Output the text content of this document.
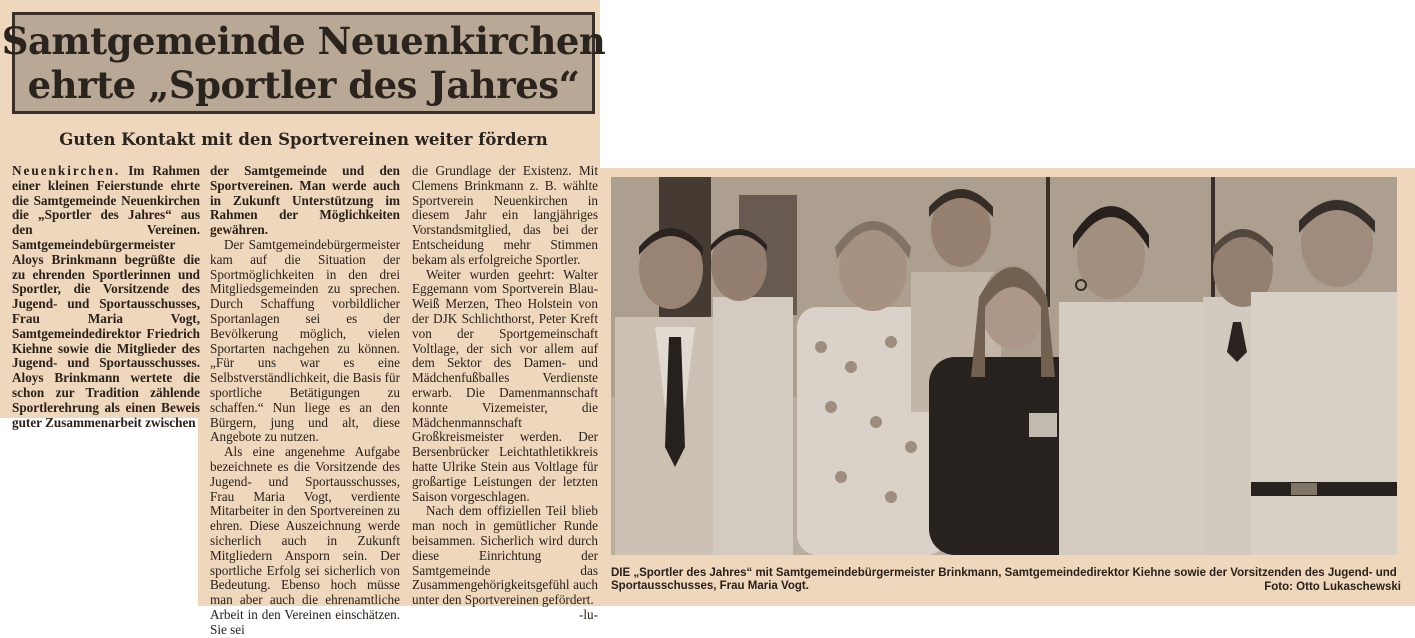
Samtgemeinde Neuenkirchen
ehrte „Sportler des Jahres“
Guten Kontakt mit den Sportvereinen weiter fördern

Neuenkirchen. Im Rahmen einer kleinen Feierstunde ehrte die Samtgemeinde Neuenkirchen die „Sportler des Jahres“ aus den Vereinen. Samtgemeindebürgermeister Aloys Brinkmann begrüßte die zu ehrenden Sportlerinnen und Sportler, die Vorsitzende des Jugend- und Sportausschusses, Frau Maria Vogt, Samtgemeindedirektor Friedrich Kiehne sowie die Mitglieder des Jugend- und Sportausschusses. Aloys Brinkmann wertete die schon zur Tradition zählende Sportlerehrung als einen Beweis guter Zusammenarbeit zwischen

der Samtgemeinde und den Sportvereinen. Man werde auch in Zukunft Unterstützung im Rahmen der Möglichkeiten gewähren.

Der Samtgemeindebürgermeister kam auf die Situation der Sportmöglichkeiten in den drei Mitgliedsgemeinden zu sprechen. Durch Schaffung vorbildlicher Sportanlagen sei es der Bevölkerung möglich, vielen Sportarten nachgehen zu können. „Für uns war es eine Selbstverständlichkeit, die Basis für sportliche Betätigungen zu schaffen.“ Nun liege es an den Bürgern, jung und alt, diese Angebote zu nutzen.

Als eine angenehme Aufgabe bezeichnete es die Vorsitzende des Jugend- und Sportausschusses, Frau Maria Vogt, verdiente Mitarbeiter in den Sportvereinen zu ehren. Diese Auszeichnung werde sicherlich auch in Zukunft Mitgliedern Ansporn sein. Der sportliche Erfolg sei sicherlich von Bedeutung. Ebenso hoch müsse man aber auch die ehrenamtliche Arbeit in den Vereinen einschätzen. Sie sei

die Grundlage der Existenz. Mit Clemens Brinkmann z. B. wählte Sportverein Neuenkirchen in diesem Jahr ein langjähriges Vorstandsmitglied, das bei der Entscheidung mehr Stimmen bekam als erfolgreiche Sportler.

Weiter wurden geehrt: Walter Eggemann vom Sportverein Blau-Weiß Merzen, Theo Holstein von der DJK Schlichthorst, Peter Kreft von der Sportgemeinschaft Voltlage, der sich vor allem auf dem Sektor des Damen- und Mädchenfußballes Verdienste erwarb. Die Damenmannschaft konnte Vizemeister, die Mädchenmannschaft Großkreismeister werden. Der Bersenbrücker Leichtathletikkreis hatte Ulrike Stein aus Voltlage für großartige Leistungen der letzten Saison vorgeschlagen.

Nach dem offiziellen Teil blieb man noch in gemütlicher Runde beisammen. Sicherlich wird durch diese Einrichtung der Samtgemeinde das Zusammengehörigkeitsgefühl auch unter den Sportvereinen gefördert.

-lu-
DIE „Sportler des Jahres“ mit Samtgemeindebürgermeister Brinkmann, Samtgemeindedirektor Kiehne sowie der Vorsitzenden des Jugend- und Sportausschusses, Frau Maria Vogt.	Foto: Otto Lukaschewski
